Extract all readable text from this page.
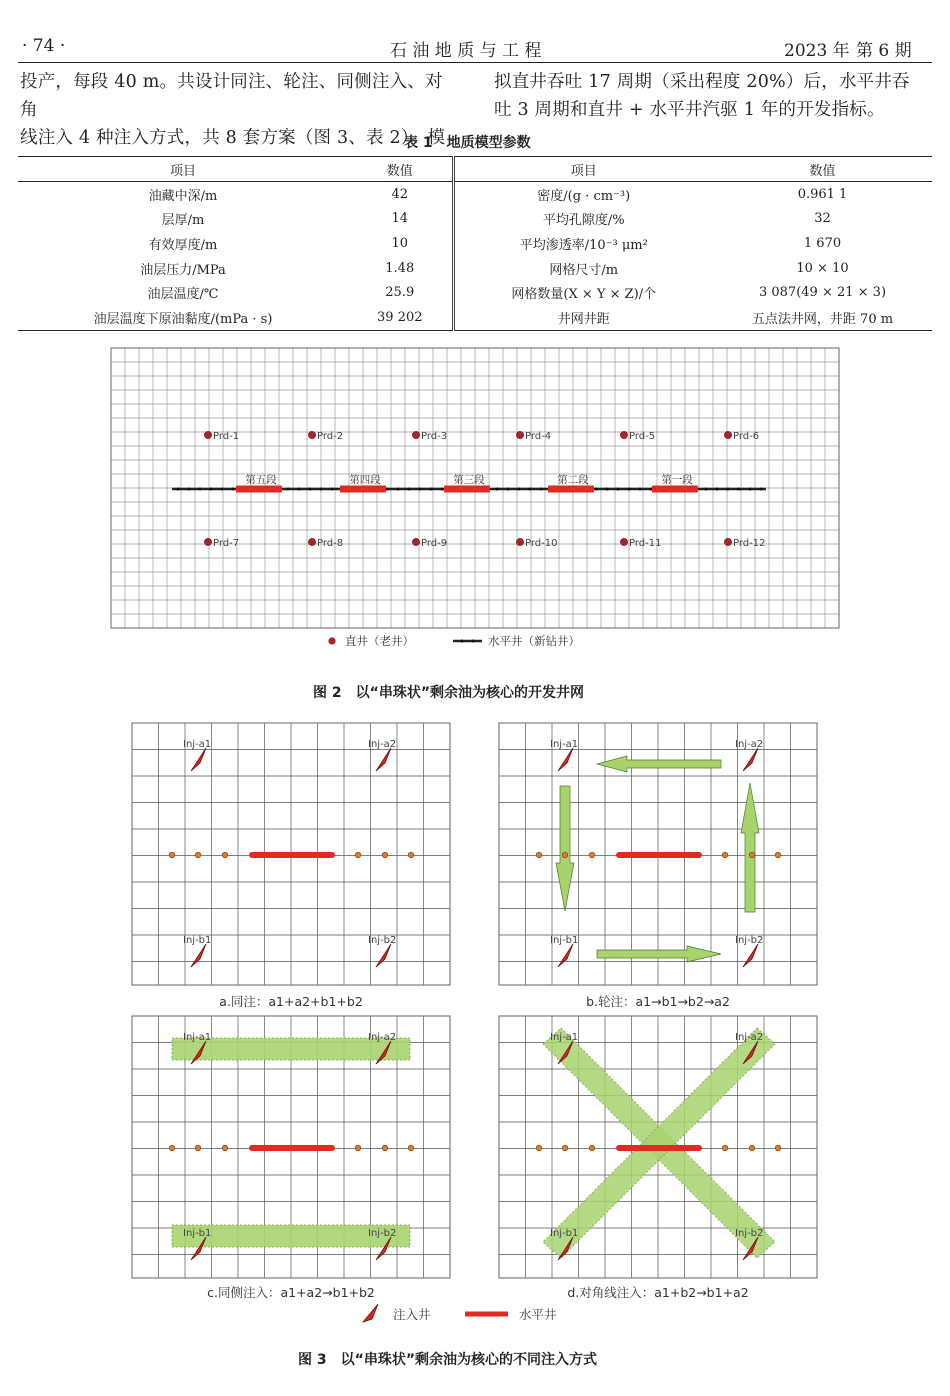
· 74 ·	石 油 地 质 与 工 程	2023 年 第 6 期
投产，每段 40 m。共设计同注、轮注、同侧注入、对角
线注入 4 种注入方式，共 8 套方案（图 3、表 2）。模
拟直井吞吐 17 周期（采出程度 20%）后，水平井吞
吐 3 周期和直井 + 水平井汽驱 1 年的开发指标。
表 1　地质模型参数
项目	数值	项目	数值
油藏中深/m	42	密度/(g · cm⁻³)	0.961 1
层厚/m	14	平均孔隙度/%	32
有效厚度/m	10	平均渗透率/10⁻³ μm²	1 670
油层压力/MPa	1.48	网格尺寸/m	10 × 10
油层温度/℃	25.9	网格数量(X × Y × Z)/个	3 087(49 × 21 × 3)
油层温度下原油黏度/(mPa · s)	39 202	井网井距	五点法井网，井距 70 m
Prd-1	Prd-2	Prd-3	Prd-4	Prd-5	Prd-6
Prd-7	Prd-8	Prd-9	Prd-10	Prd-11	Prd-12
第五段	第四段	第三段	第二段	第一段
直井（老井）	水平井（新钻井）
图 2　以“串珠状”剩余油为核心的开发井网
Inj-a1	Inj-a2
Inj-b1	Inj-b2
Inj-a1	Inj-a2
Inj-b1	Inj-b2
Inj-a1	Inj-a2
Inj-b1	Inj-b2
Inj-a1	Inj-a2
Inj-b1	Inj-b2
a.同注：a1+a2+b1+b2	b.轮注：a1→b1→b2→a2
c.同侧注入：a1+a2→b1+b2	d.对角线注入：a1+b2→b1+a2
注入井	水平井
图 3　以“串珠状”剩余油为核心的不同注入方式
